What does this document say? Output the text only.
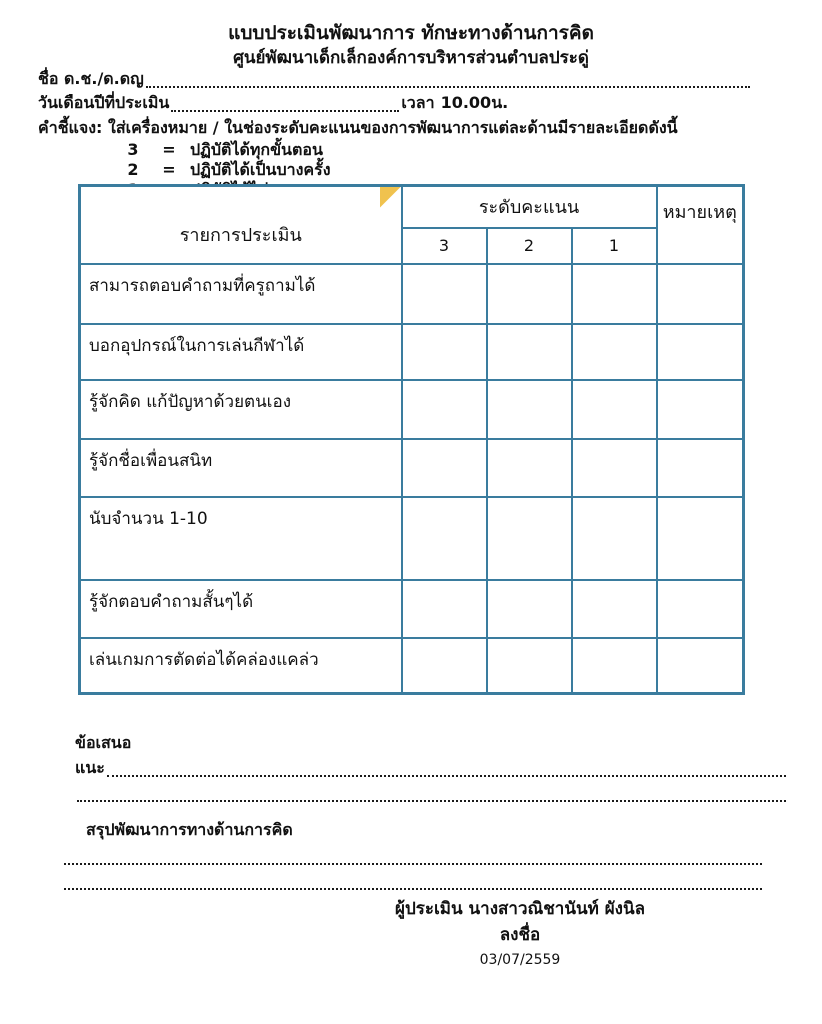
แบบประเมินพัฒนาการ ทักษะทางด้านการคิด
ศูนย์พัฒนาเด็กเล็กองค์การบริหารส่วนตำบลประดู่
ชื่อ ด.ช./ด.ดญ
วันเดือนปีที่ประเมิน	เวลา 10.00น.
คำชี้แจง: ใส่เครื่องหมาย / ในช่องระดับคะแนนของการพัฒนาการแต่ละด้านมีรายละเอียดดังนี้
3	= ปฏิบัติได้ทุกขั้นตอน
2	= ปฏิบัติได้เป็นบางครั้ง
รายการประเมิน	ระดับคะแนน			หมายเหตุ
	3	2	1	
สามารถตอบคำถามที่ครูถามได้				
บอกอุปกรณ์ในการเล่นกีฬาได้				
รู้จักคิด แก้ปัญหาด้วยตนเอง				
รู้จักชื่อเพื่อนสนิท				
นับจำนวน 1-10				
รู้จักตอบคำถามสั้นๆได้				
เล่นเกมการตัดต่อได้คล่องแคล่ว				
ข้อเสนอ
แนะ
สรุปพัฒนาการทางด้านการคิด
ผู้ประเมิน นางสาวณิชานันท์ ผังนิล
ลงชื่อ
03/07/2559
